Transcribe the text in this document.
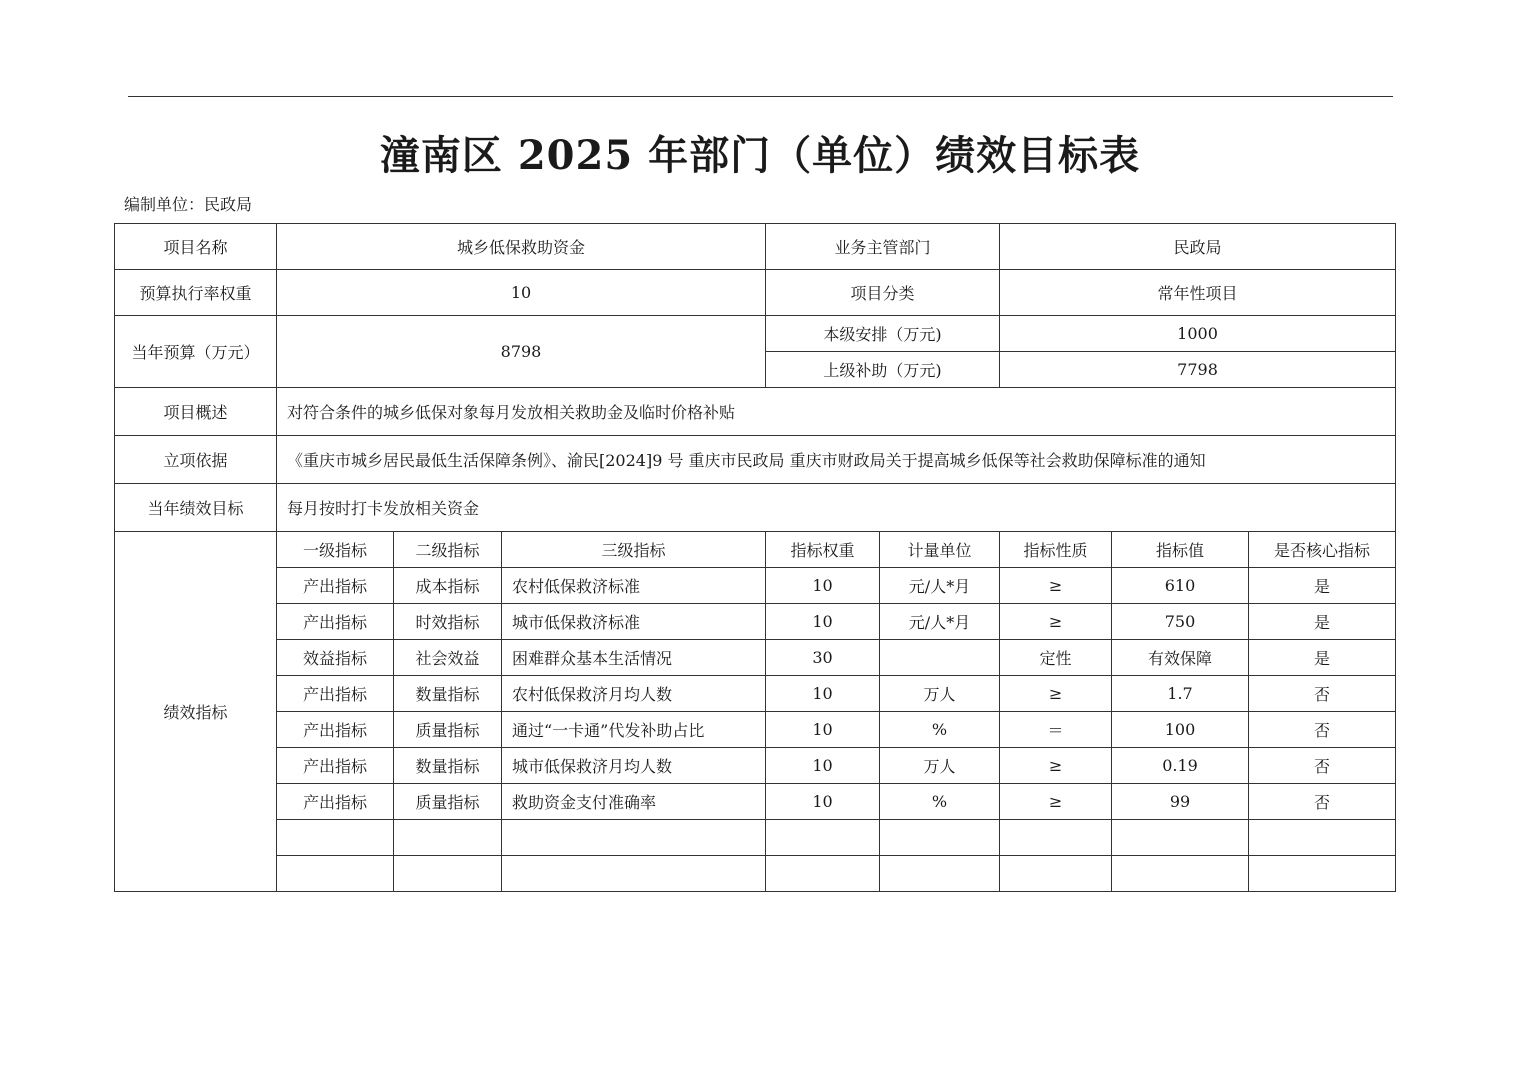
潼南区 2025 年部门（单位）绩效目标表
编制单位：民政局
项目名称	城乡低保救助资金			业务主管部门		民政局		
预算执行率权重	10			项目分类		常年性项目		
当年预算（万元）	8798			本级安排（万元)		1000		
				上级补助（万元)		7798		
项目概述	对符合条件的城乡低保对象每月发放相关救助金及临时价格补贴							
立项依据	《重庆市城乡居民最低生活保障条例》、渝民[2024]9 号 重庆市民政局 重庆市财政局关于提高城乡低保等社会救助保障标准的通知							
当年绩效目标	每月按时打卡发放相关资金							
绩效指标	一级指标	二级指标	三级指标	指标权重	计量单位	指标性质	指标值	是否核心指标
	产出指标	成本指标	农村低保救济标准	10	元/人*月	≥	610	是
	产出指标	时效指标	城市低保救济标准	10	元/人*月	≥	750	是
	效益指标	社会效益	困难群众基本生活情况	30		定性	有效保障	是
	产出指标	数量指标	农村低保救济月均人数	10	万人	≥	1.7	否
	产出指标	质量指标	通过“一卡通”代发补助占比	10	%	＝	100	否
	产出指标	数量指标	城市低保救济月均人数	10	万人	≥	0.19	否
	产出指标	质量指标	救助资金支付准确率	10	%	≥	99	否
